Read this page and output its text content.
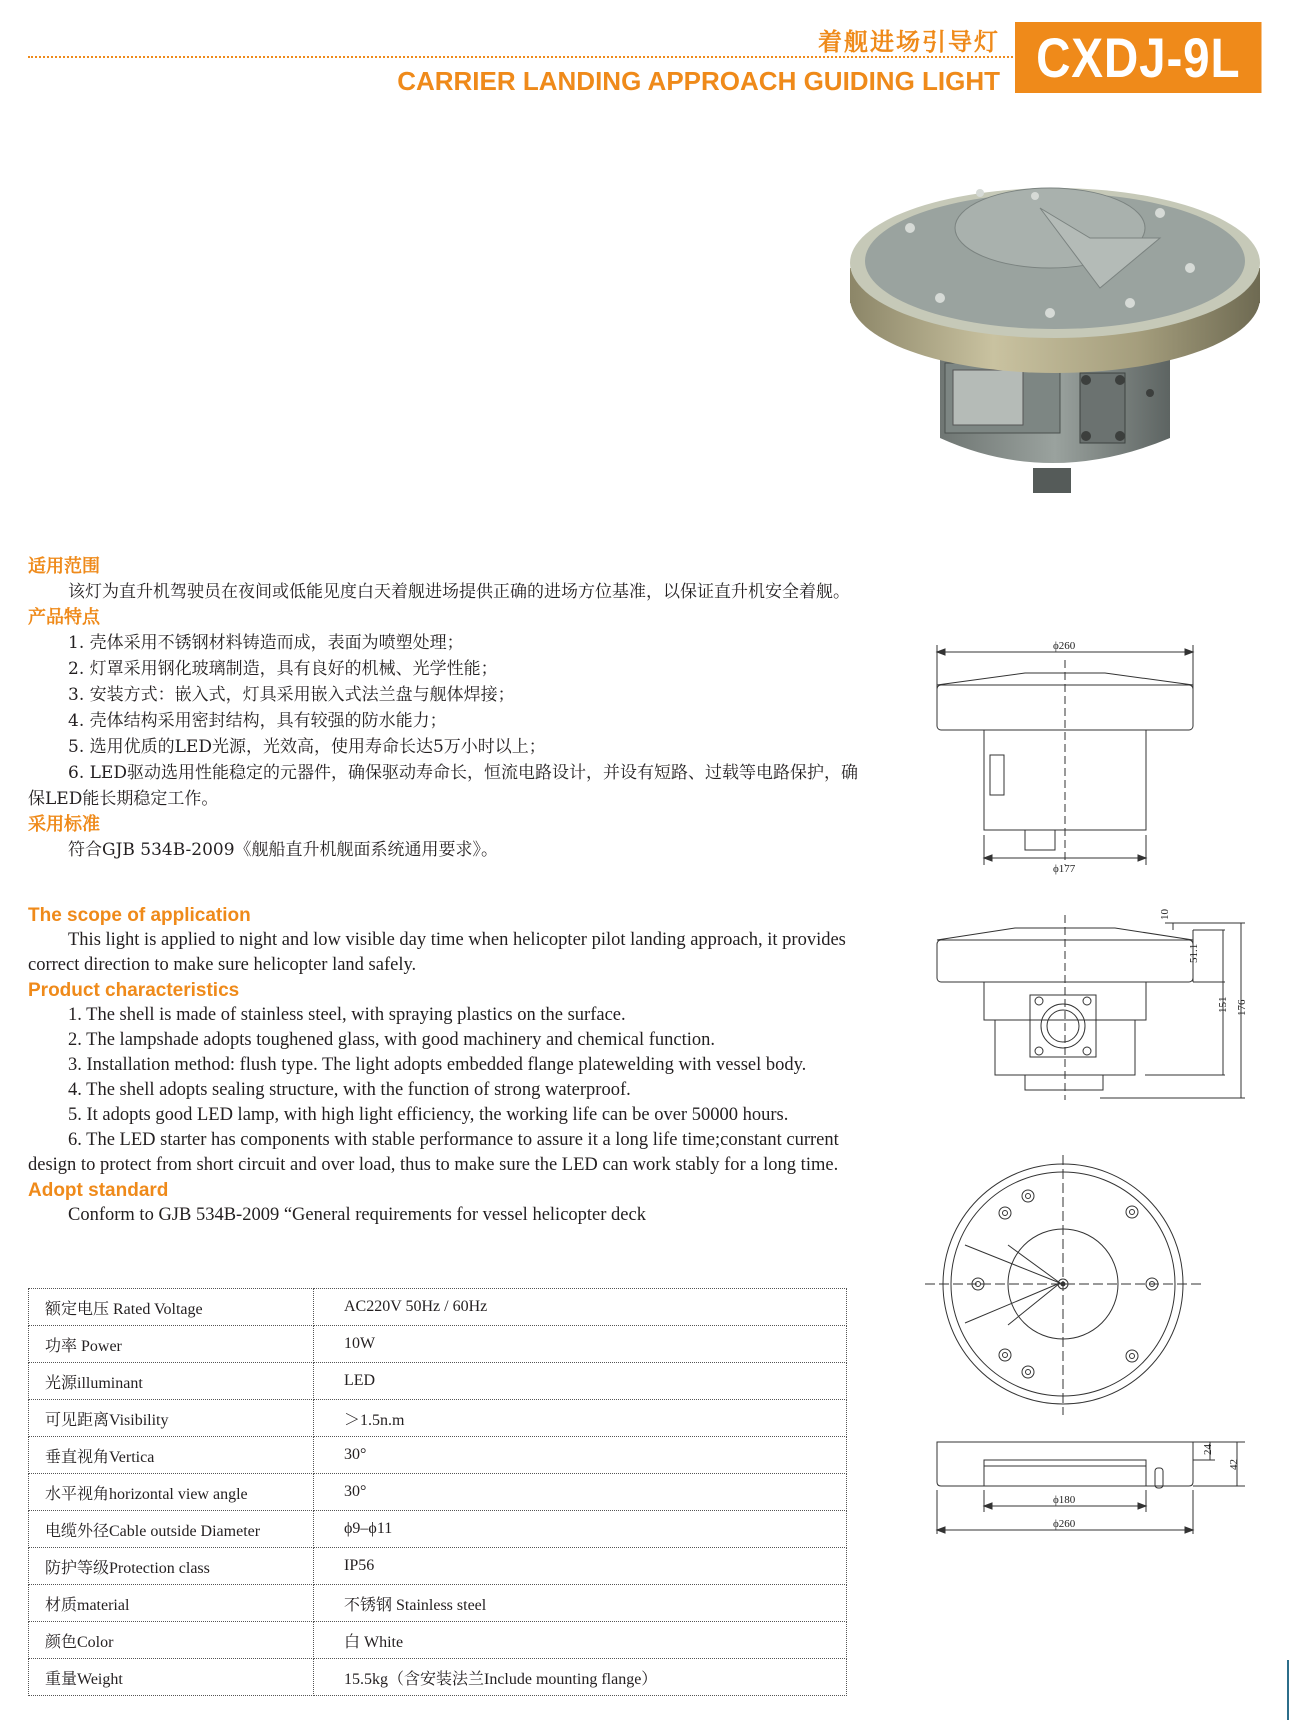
着舰进场引导灯
CARRIER LANDING APPROACH GUIDING LIGHT CXDJ-9L
适用范围

该灯为直升机驾驶员在夜间或低能见度白天着舰进场提供正确的进场方位基准，以保证直升机安全着舰。

产品特点

1. 壳体采用不锈钢材料铸造而成，表面为喷塑处理；

2. 灯罩采用钢化玻璃制造，具有良好的机械、光学性能；

3. 安装方式：嵌入式，灯具采用嵌入式法兰盘与舰体焊接；

4. 壳体结构采用密封结构，具有较强的防水能力；

5. 选用优质的LED光源，光效高，使用寿命长达5万小时以上；

6. LED驱动选用性能稳定的元器件，确保驱动寿命长，恒流电路设计，并设有短路、过载等电路保护，确保LED能长期稳定工作。

采用标准

符合GJB 534B-2009《舰船直升机舰面系统通用要求》。

The scope of application

This light is applied to night and low visible day time when helicopter pilot landing approach, it provides correct direction to make sure helicopter land safely.

Product characteristics

1. The shell is made of stainless steel, with spraying plastics on the surface.

2. The lampshade adopts toughened glass, with good machinery and chemical function.

3. Installation method: flush type. The light adopts embedded flange platewelding with vessel body.

4. The shell adopts sealing structure, with the function of strong waterproof.

5. It adopts good LED lamp, with high light efficiency, the working life can be over 50000 hours.

6. The LED starter has components with stable performance to assure it a long life time;constant current design to protect from short circuit and over load, thus to make sure the LED can work stably for a long time.

Adopt standard

Conform to GJB 534B-2009 “General requirements for vessel helicopter deck

额定电压 Rated Voltage	AC220V 50Hz / 60Hz
功率 Power	10W
光源illuminant	LED
可见距离Visibility	＞1.5n.m
垂直视角Vertica	30°
水平视角horizontal view angle	30°
电缆外径Cable outside Diameter	ϕ9–ϕ11
防护等级Protection class	IP56
材质material	不锈钢 Stainless steel
颜色Color	白 White
重量Weight	15.5kg（含安装法兰Include mounting flange）
ϕ260
ϕ177
10
51.1
151 176
24
42
ϕ180
ϕ260
